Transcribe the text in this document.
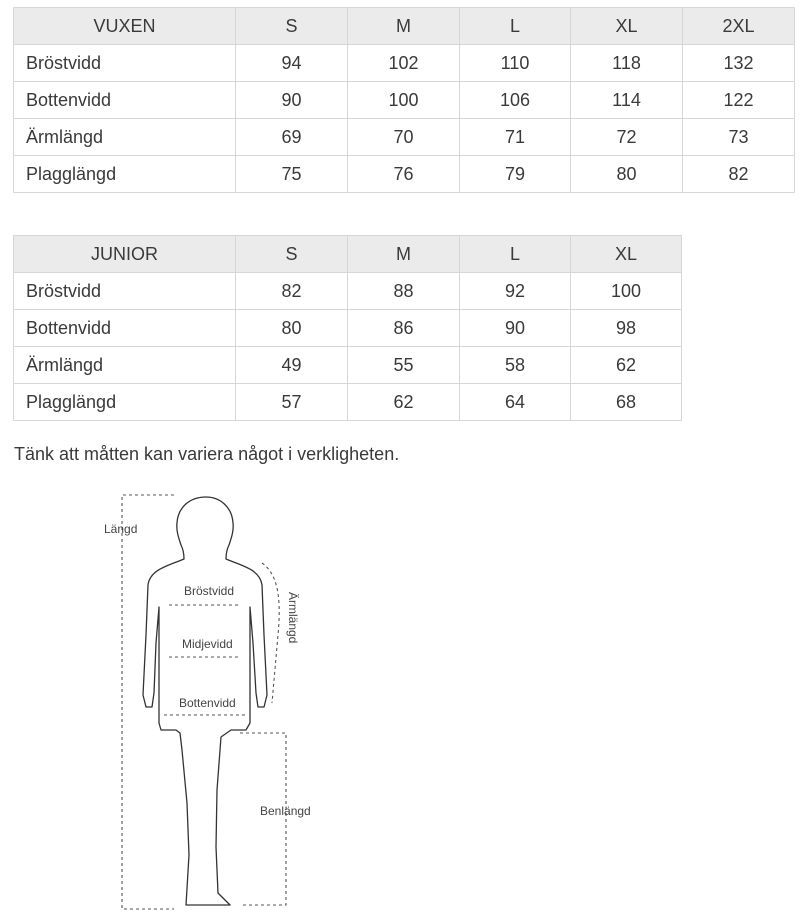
VUXEN	S	M	L	XL	2XL
Bröstvidd	94	102	110	118	132
Bottenvidd	90	100	106	114	122
Ärmlängd	69	70	71	72	73
Plagglängd	75	76	79	80	82
JUNIOR	S	M	L	XL
Bröstvidd	82	88	92	100
Bottenvidd	80	86	90	98
Ärmlängd	49	55	58	62
Plagglängd	57	62	64	68

Tänk att måtten kan variera något i verkligheten.

Längd
Bröstvidd
Midjevidd
Bottenvidd
Ärmlängd
Benlängd
